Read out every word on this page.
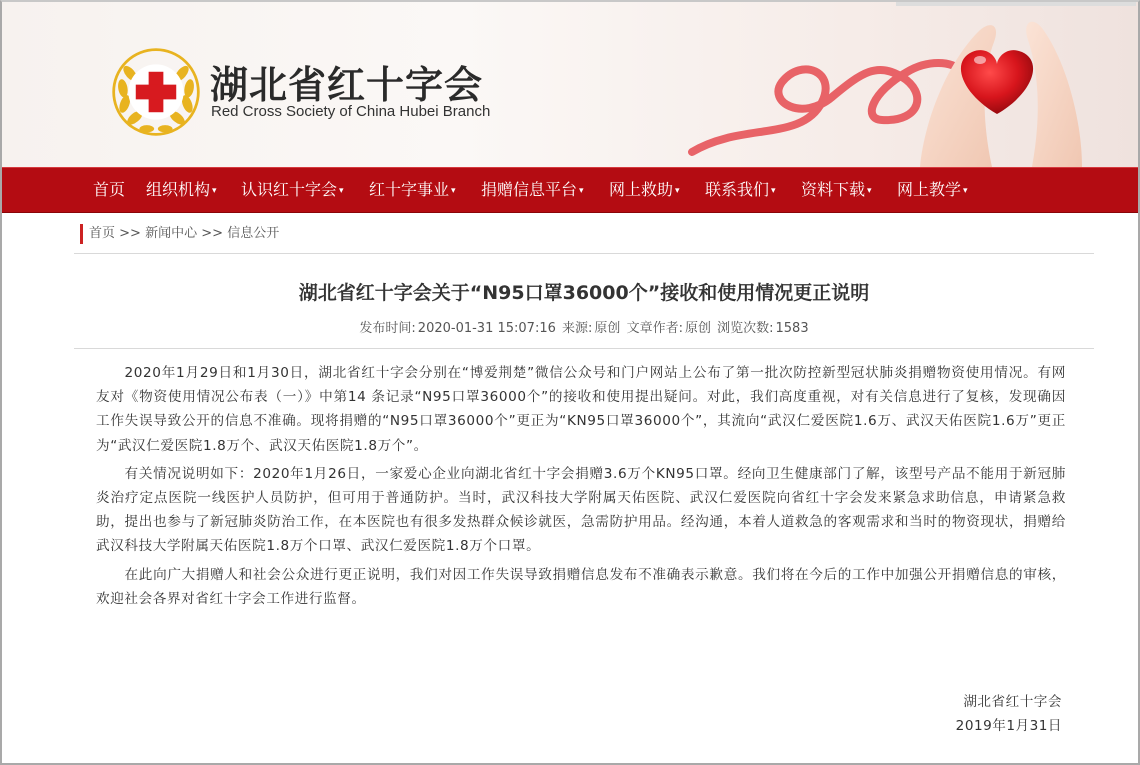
湖北省红十字会
Red Cross Society of China Hubei Branch
首页 组织机构 ▾ 认识红十字会 ▾ 红十字事业 ▾ 捐赠信息平台 ▾ 网上救助 ▾ 联系我们 ▾ 资料下载 ▾ 网上教学 ▾
首页 >> 新闻中心 >> 信息公开
湖北省红十字会关于“N95口罩36000个”接收和使用情况更正说明
发布时间: 2020-01-31 15:07:16 来源: 原创 文章作者: 原创 浏览次数: 1583

2020年1月29日和1月30日，湖北省红十字会分别在“博爱荆楚”微信公众号和门户网站上公布了第一批次防控新型冠状肺炎捐赠物资使用情况。有网友对《物资使用情况公布表（一）》中第14 条记录“N95口罩36000个”的接收和使用提出疑问。对此，我们高度重视，对有关信息进行了复核，发现确因工作失误导致公开的信息不准确。现将捐赠的“N95口罩36000个”更正为“KN95口罩36000个”，其流向“武汉仁爱医院1.6万、武汉天佑医院1.6万”更正为“武汉仁爱医院1.8万个、武汉天佑医院1.8万个”。

有关情况说明如下：2020年1月26日，一家爱心企业向湖北省红十字会捐赠3.6万个KN95口罩。经向卫生健康部门了解，该型号产品不能用于新冠肺炎治疗定点医院一线医护人员防护，但可用于普通防护。当时，武汉科技大学附属天佑医院、武汉仁爱医院向省红十字会发来紧急求助信息，申请紧急救助，提出也参与了新冠肺炎防治工作，在本医院也有很多发热群众候诊就医，急需防护用品。经沟通，本着人道救急的客观需求和当时的物资现状，捐赠给武汉科技大学附属天佑医院1.8万个口罩、武汉仁爱医院1.8万个口罩。

在此向广大捐赠人和社会公众进行更正说明，我们对因工作失误导致捐赠信息发布不准确表示歉意。我们将在今后的工作中加强公开捐赠信息的审核，欢迎社会各界对省红十字会工作进行监督。

湖北省红十字会
2019年1月31日
